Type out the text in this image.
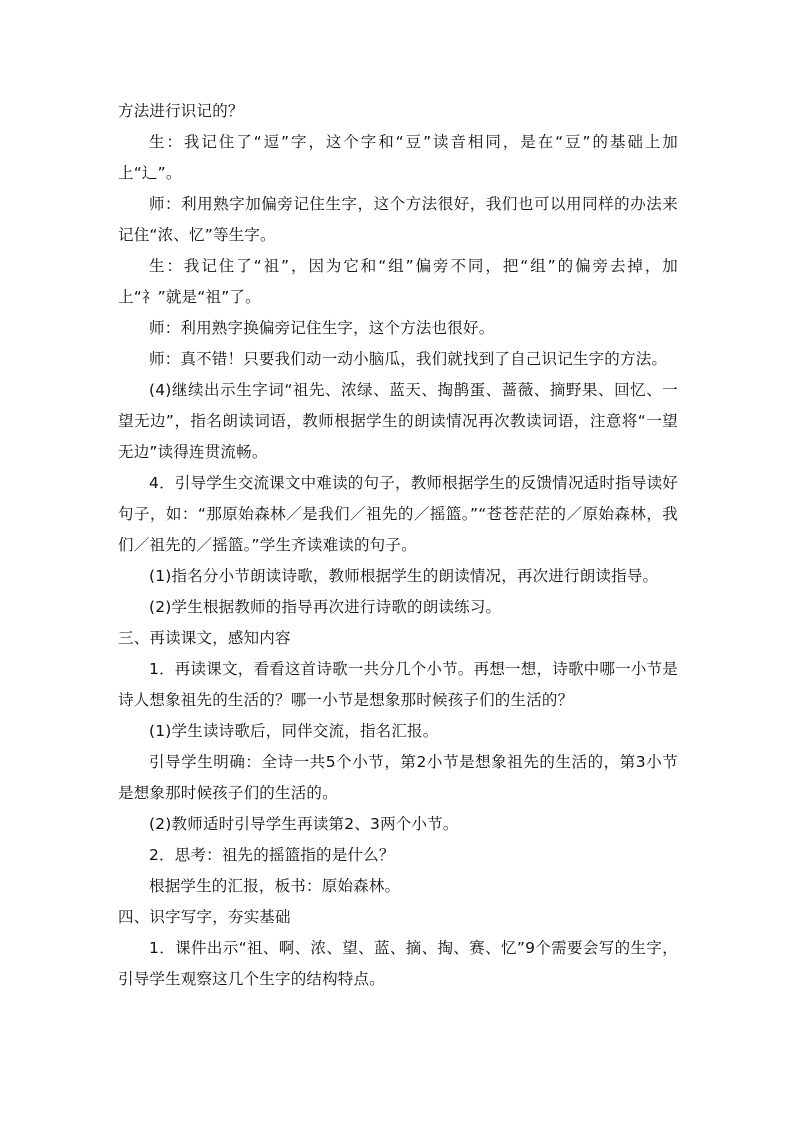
方法进行识记的？

生：我记住了“逗”字，这个字和“豆”读音相同，是在“豆”的基础上加上“辶”。

师：利用熟字加偏旁记住生字，这个方法很好，我们也可以用同样的办法来记住“浓、忆”等生字。

生：我记住了“祖”，因为它和“组”偏旁不同，把“组”的偏旁去掉，加上“礻”就是“祖”了。

师：利用熟字换偏旁记住生字，这个方法也很好。

师：真不错！只要我们动一动小脑瓜，我们就找到了自己识记生字的方法。

(4)继续出示生字词“祖先、浓绿、蓝天、掏鹊蛋、蔷薇、摘野果、回忆、一望无边”，指名朗读词语，教师根据学生的朗读情况再次教读词语，注意将“一望无边”读得连贯流畅。

4．引导学生交流课文中难读的句子，教师根据学生的反馈情况适时指导读好句子，如：“那原始森林／是我们／祖先的／摇篮。”“苍苍茫茫的／原始森林，我们／祖先的／摇篮。”学生齐读难读的句子。

(1)指名分小节朗读诗歌，教师根据学生的朗读情况，再次进行朗读指导。

(2)学生根据教师的指导再次进行诗歌的朗读练习。

三、再读课文，感知内容

1．再读课文，看看这首诗歌一共分几个小节。再想一想，诗歌中哪一小节是诗人想象祖先的生活的？哪一小节是想象那时候孩子们的生活的？

(1)学生读诗歌后，同伴交流，指名汇报。

引导学生明确：全诗一共5个小节，第2小节是想象祖先的生活的，第3小节是想象那时候孩子们的生活的。

(2)教师适时引导学生再读第2、3两个小节。

2．思考：祖先的摇篮指的是什么？

根据学生的汇报，板书：原始森林。

四、识字写字，夯实基础

1．课件出示“祖、啊、浓、望、蓝、摘、掏、赛、忆”9个需要会写的生字，引导学生观察这几个生字的结构特点。
